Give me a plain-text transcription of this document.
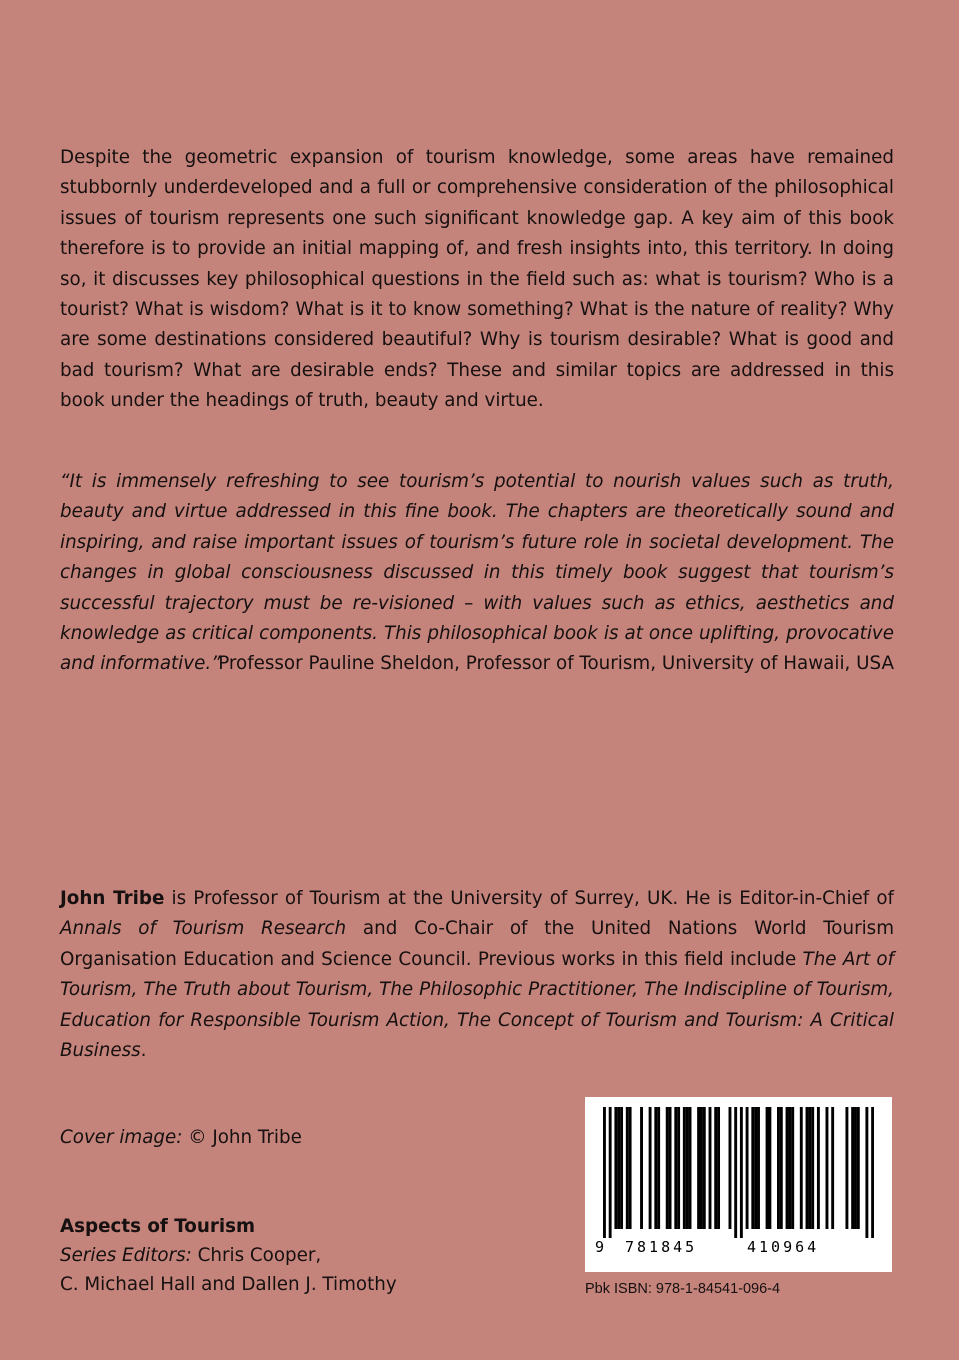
Despite the geometric expansion of tourism knowledge, some areas have remained stubbornly underdeveloped and a full or comprehensive consideration of the philosophical issues of tourism represents one such significant knowledge gap. A key aim of this book therefore is to provide an initial mapping of, and fresh insights into, this territory. In doing so, it discusses key philosophical questions in the field such as: what is tourism? Who is a tourist? What is wisdom? What is it to know something? What is the nature of reality? Why are some destinations considered beautiful? Why is tourism desirable? What is good and bad tourism? What are desirable ends? These and similar topics are addressed in this book under the headings of truth, beauty and virtue.
“It is immensely refreshing to see tourism’s potential to nourish values such as truth, beauty and virtue addressed in this fine book. The chapters are theoretically sound and inspiring, and raise important issues of tourism’s future role in societal development. The changes in global consciousness discussed in this timely book suggest that tourism’s successful trajectory must be re-visioned – with values such as ethics, aesthetics and knowledge as critical components. This philosophical book is at once uplifting, provocative and informative.”
Professor Pauline Sheldon, Professor of Tourism, University of Hawaii, USA
John Tribe is Professor of Tourism at the University of Surrey, UK. He is Editor-in-Chief of Annals of Tourism Research and Co-Chair of the United Nations World Tourism Organisation Education and Science Council. Previous works in this field include The Art of Tourism, The Truth about Tourism, The Philosophic Practitioner, The Indiscipline of Tourism, Education for Responsible Tourism Action, The Concept of Tourism and Tourism: A Critical Business.
Cover image: © John Tribe
Aspects of Tourism
Series Editors: Chris Cooper,
C. Michael Hall and Dallen J. Timothy
9 781845	410964
Pbk ISBN: 978-1-84541-096-4
